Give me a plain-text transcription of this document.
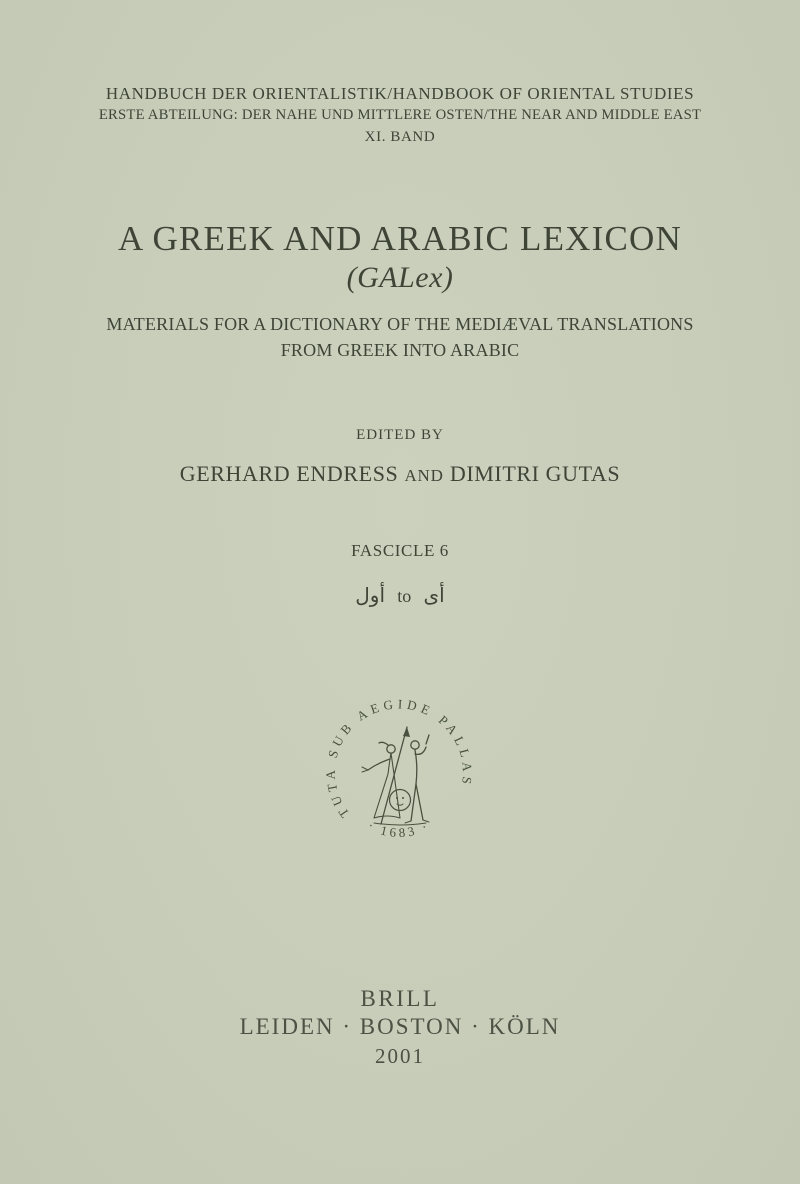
HANDBUCH DER ORIENTALISTIK/HANDBOOK OF ORIENTAL STUDIES
ERSTE ABTEILUNG: DER NAHE UND MITTLERE OSTEN/THE NEAR AND MIDDLE EAST
XI. BAND
A GREEK AND ARABIC LEXICON
(GALex)
MATERIALS FOR A DICTIONARY OF THE MEDIÆVAL TRANSLATIONS
FROM GREEK INTO ARABIC
EDITED BY
GERHARD ENDRESS AND DIMITRI GUTAS
FASCICLE 6
أول to أى
TUTA SUB AEGIDE PALLAS
· 1683 ·
BRILL
LEIDEN · BOSTON · KÖLN
2001
